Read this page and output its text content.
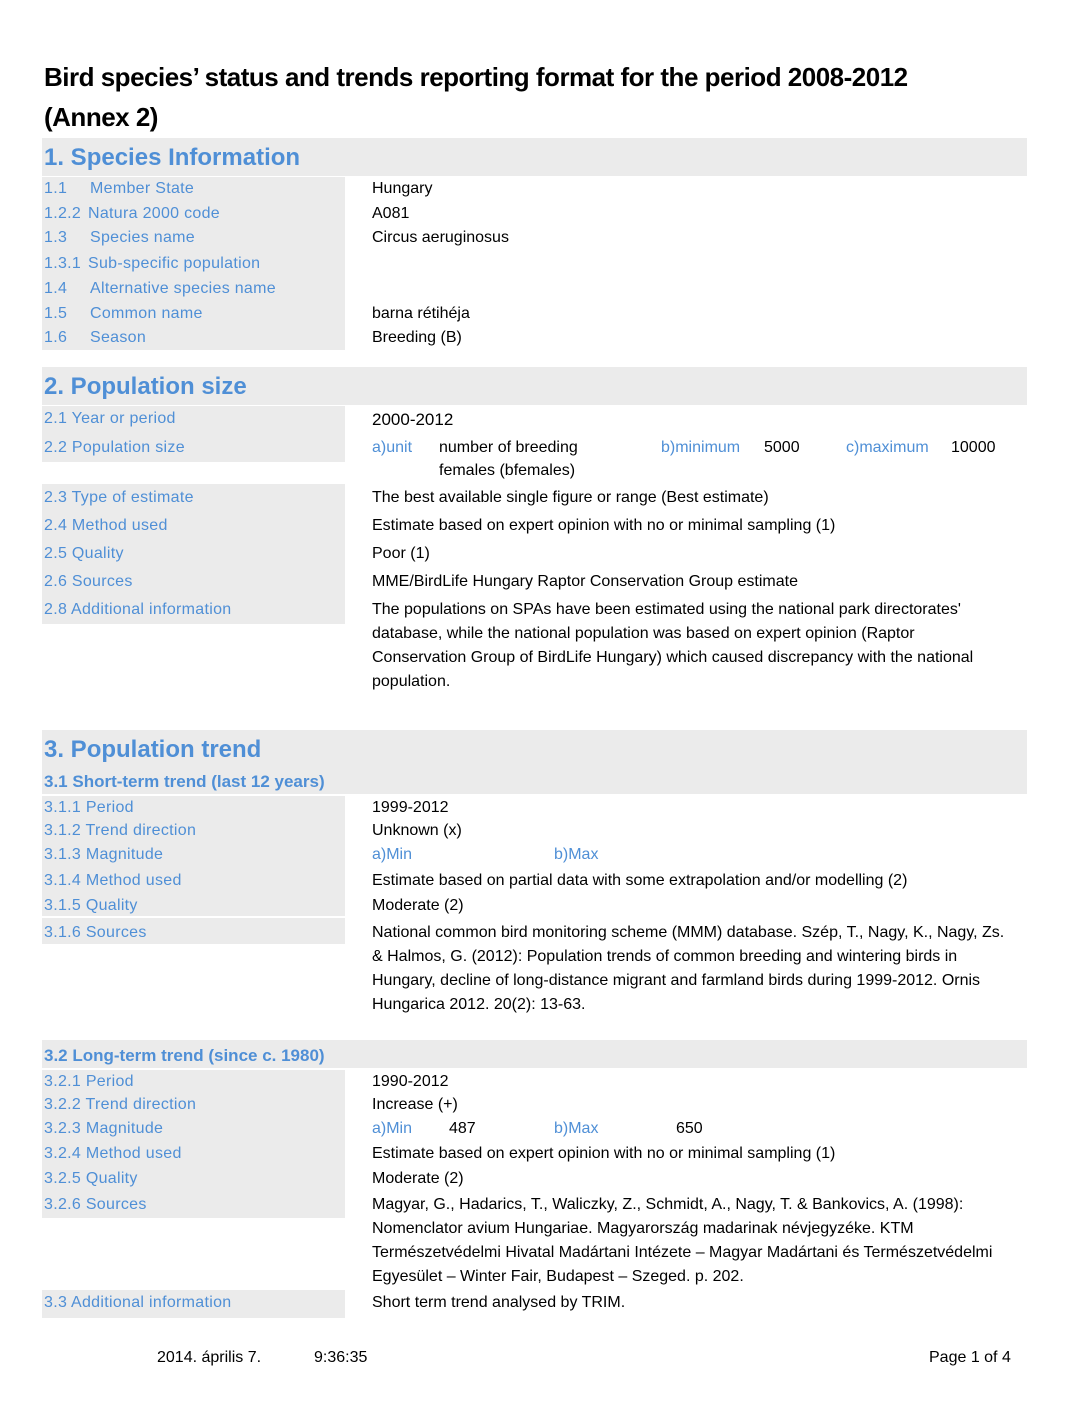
Bird species’ status and trends reporting format for the period 2008-2012
(Annex 2)
1. Species Information
1.1 Member State	Hungary
1.2.2 Natura 2000 code	A081
1.3 Species name	Circus aeruginosus
1.3.1 Sub-specific population
1.4 Alternative species name
1.5 Common name	barna rétihéja
1.6 Season	Breeding (B)
2. Population size
2.1 Year or period	2000-2012
2.2 Population size	a)unit number of breeding
females (bfemales)
b)minimum 5000	c)maximum 10000
2.3 Type of estimate	The best available single figure or range (Best estimate)
2.4 Method used	Estimate based on expert opinion with no or minimal sampling (1)
2.5 Quality	Poor (1)
2.6 Sources	MME/BirdLife Hungary Raptor Conservation Group estimate
2.8 Additional information	The populations on SPAs have been estimated using the national park directorates' database, while the national population was based on expert opinion (Raptor Conservation Group of BirdLife Hungary) which caused discrepancy with the national population.
3. Population trend
3.1 Short-term trend (last 12 years)
3.1.1 Period	1999-2012
3.1.2 Trend direction	Unknown (x)
3.1.3 Magnitude	a)Min	b)Max
3.1.4 Method used	Estimate based on partial data with some extrapolation and/or modelling (2)
3.1.5 Quality	Moderate (2)
3.1.6 Sources	National common bird monitoring scheme (MMM) database. Szép, T., Nagy, K., Nagy, Zs. & Halmos, G. (2012): Population trends of common breeding and wintering birds in Hungary, decline of long-distance migrant and farmland birds during 1999-2012. Ornis Hungarica 2012. 20(2): 13-63.
3.2 Long-term trend (since c. 1980)
3.2.1 Period	1990-2012
3.2.2 Trend direction	Increase (+)
3.2.3 Magnitude	a)Min 487	b)Max	650
3.2.4 Method used	Estimate based on expert opinion with no or minimal sampling (1)
3.2.5 Quality	Moderate (2)
3.2.6 Sources	Magyar, G., Hadarics, T., Waliczky, Z., Schmidt, A., Nagy, T. & Bankovics, A. (1998): Nomenclator avium Hungariae. Magyarország madarinak névjegyzéke. KTM Természetvédelmi Hivatal Madártani Intézete – Magyar Madártani és Természetvédelmi Egyesület – Winter Fair, Budapest – Szeged. p. 202.
3.3 Additional information	Short term trend analysed by TRIM.
2014. április 7.	9:36:35	Page 1 of 4
